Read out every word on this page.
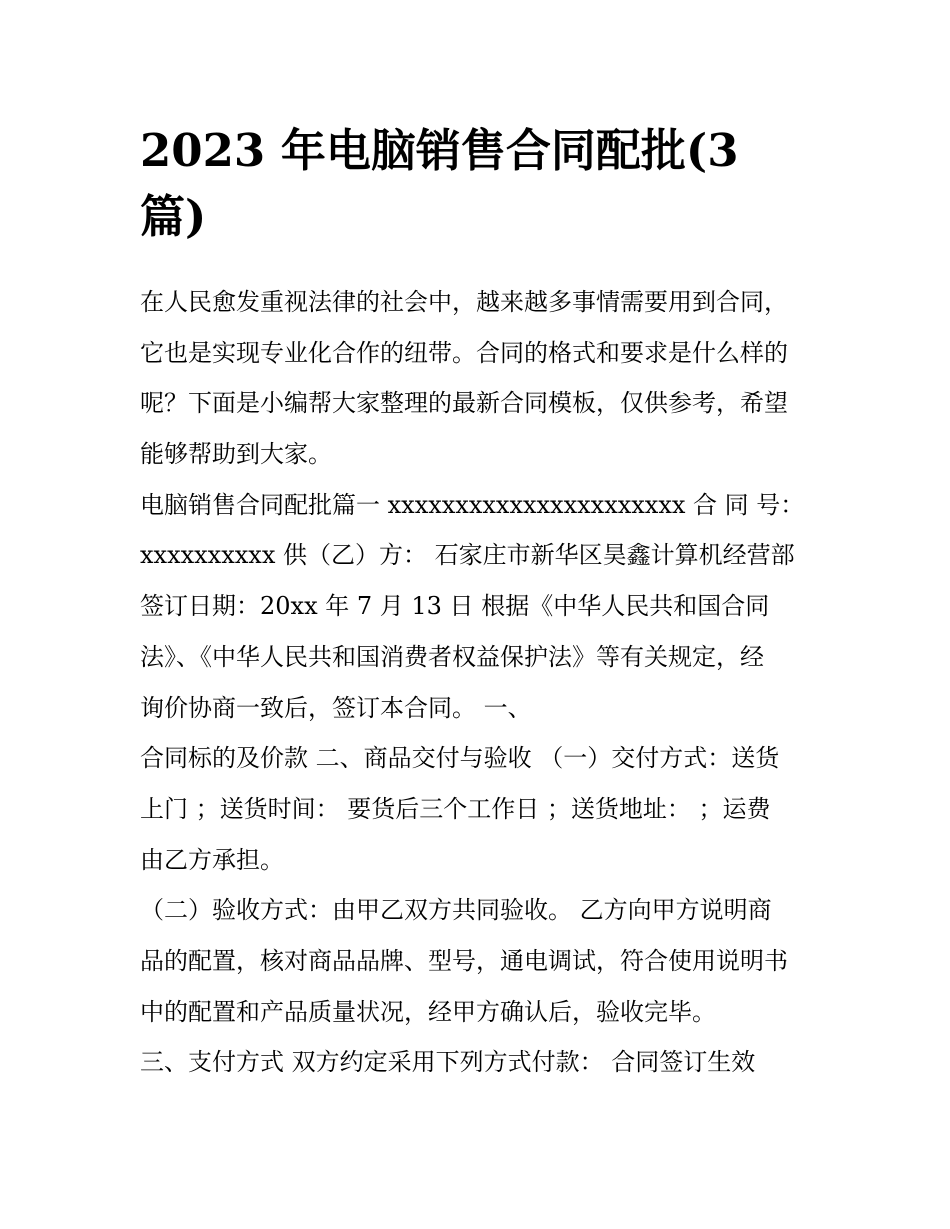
2023 年电脑销售合同配批(3
篇)
在人民愈发重视法律的社会中，越来越多事情需要用到合同，
它也是实现专业化合作的纽带。合同的格式和要求是什么样的
呢？下面是小编帮大家整理的最新合同模板，仅供参考，希望
能够帮助到大家。
电脑销售合同配批篇一 xxxxxxxxxxxxxxxxxxxxxx 合 同 号：
xxxxxxxxxx 供（乙）方： 石家庄市新华区昊鑫计算机经营部
签订日期：20xx 年 7 月 13 日 根据《中华人民共和国合同
法》、《中华人民共和国消费者权益保护法》等有关规定，经
询价协商一致后，签订本合同。 一、
合同标的及价款 二、商品交付与验收 （一）交付方式：送货
上门 ；送货时间： 要货后三个工作日 ；送货地址： ；运费
由乙方承担。
（二）验收方式：由甲乙双方共同验收。 乙方向甲方说明商
品的配置，核对商品品牌、型号，通电调试，符合使用说明书
中的配置和产品质量状况，经甲方确认后，验收完毕。
三、支付方式 双方约定采用下列方式付款： 合同签订生效
